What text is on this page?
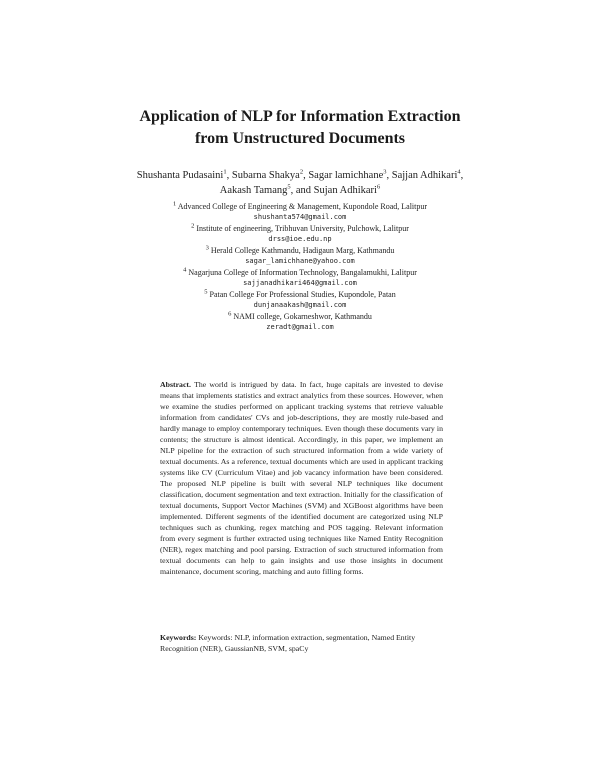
Application of NLP for Information Extraction
from Unstructured Documents
Shushanta Pudasaini$^1$, Subarna Shakya$^2$, Sagar lamichhane$^3$, Sajjan Adhikari$^4$,
Aakash Tamang$^5$, and Sujan Adhikari$^6$
$^1$ Advanced College of Engineering & Management, Kupondole Road, Lalitpur
shushanta574@gmail.com
$^2$ Institute of engineering, Tribhuvan University, Pulchowk, Lalitpur
drss@ioe.edu.np
$^3$ Herald College Kathmandu, Hadigaun Marg, Kathmandu
sagar_lamichhane@yahoo.com
$^4$ Nagarjuna College of Information Technology, Bangalamukhi, Lalitpur
sajjanadhikari464@gmail.com
$^5$ Patan College For Professional Studies, Kupondole, Patan
dunjanaakash@gmail.com
$^6$ NAMI college, Gokarneshwor, Kathmandu
zeradt@gmail.com
Abstract. The world is intrigued by data. In fact, huge capitals are invested to devise means that implements statistics and extract analytics from these sources. However, when we examine the studies performed on applicant tracking systems that retrieve valuable information from candidates' CVs and job-descriptions, they are mostly rule-based and hardly manage to employ contemporary techniques. Even though these documents vary in contents; the structure is almost identical. Accordingly, in this paper, we implement an NLP pipeline for the extraction of such structured information from a wide variety of textual documents. As a reference, textual documents which are used in applicant tracking systems like CV (Curriculum Vitae) and job vacancy information have been considered. The proposed NLP pipeline is built with several NLP techniques like document classification, document segmentation and text extraction. Initially for the classification of textual documents, Support Vector Machines (SVM) and XGBoost algorithms have been implemented. Different segments of the identified document are categorized using NLP techniques such as chunking, regex matching and POS tagging. Relevant information from every segment is further extracted using techniques like Named Entity Recognition (NER), regex matching and pool parsing. Extraction of such structured information from textual documents can help to gain insights and use those insights in document maintenance, document scoring, matching and auto filling forms.
Keywords: Keywords: NLP, information extraction, segmentation, Named Entity Recognition (NER), GaussianNB, SVM, spaCy
